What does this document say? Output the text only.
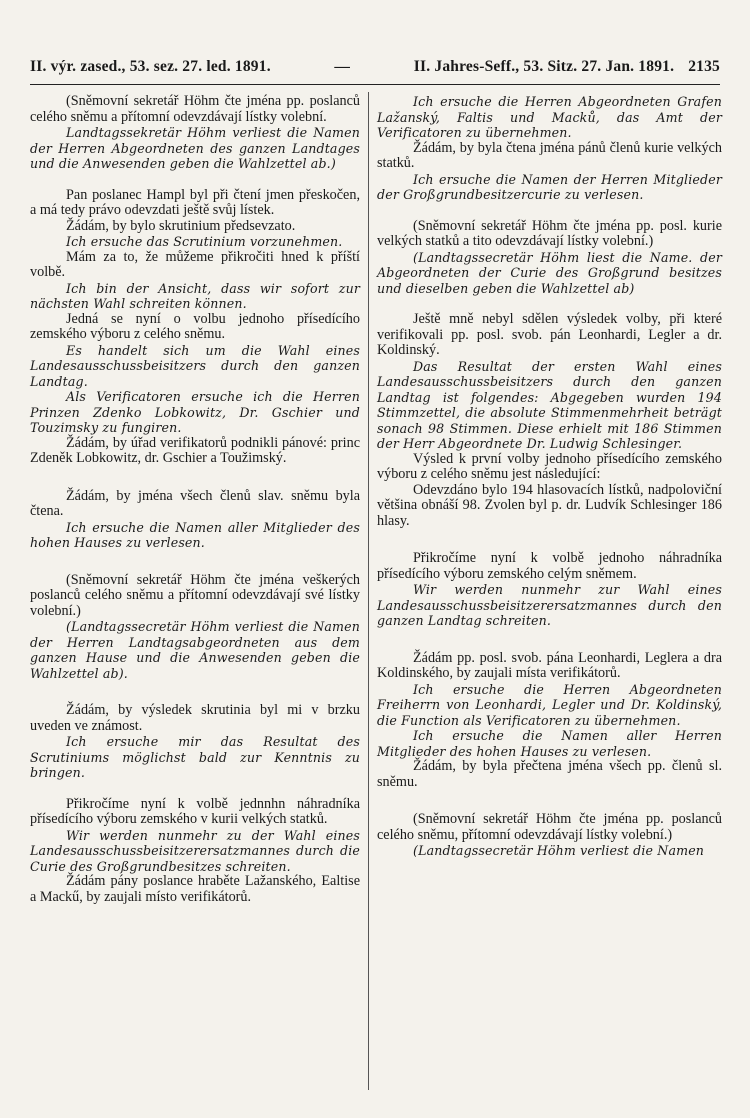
II. výr. zased., 53. sez. 27. led. 1891.	—	II. Jahres-Seff., 53. Sitz. 27. Jan. 1891. 2135

(Sněmovní sekretář Höhm čte jména pp. poslanců celého sněmu a přítomní odevzdávají lístky volební.

Landtagssekretär Höhm verliest die Namen der Herren Abgeordneten des ganzen Landtages und die Anwesenden geben die Wahlzettel ab.)

Pan poslanec Hampl byl při čtení jmen přeskočen, a má tedy právo odevzdati ještě svůj lístek.

Žádám, by bylo skrutinium předsevzato.

Ich ersuche das Scrutinium vorzunehmen.

Mám za to, že můžeme přikročiti hned k příští volbě.

Ich bin der Ansicht, dass wir sofort zur nächsten Wahl schreiten können.

Jedná se nyní o volbu jednoho přísedícího zemského výboru z celého sněmu.

Es handelt sich um die Wahl eines Landesausschussbeisitzers durch den ganzen Landtag.

Als Verificatoren ersuche ich die Herren Prinzen Zdenko Lobkowitz, Dr. Gschier und Touzimsky zu fungiren.

Žádám, by úřad verifikatorů podnikli pánové: princ Zdeněk Lobkowitz, dr. Gschier a Toužimský.

Žádám, by jména všech členů slav. sněmu byla čtena.

Ich ersuche die Namen aller Mitglieder des hohen Hauses zu verlesen.

(Sněmovní sekretář Höhm čte jména veškerých poslanců celého sněmu a přítomní odevzdávají své lístky volební.)

(Landtagssecretär Höhm verliest die Namen der Herren Landtagsabgeordneten aus dem ganzen Hause und die Anwesenden geben die Wahlzettel ab).

Žádám, by výsledek skrutinia byl mi v brzku uveden ve známost.

Ich ersuche mir das Resultat des Scrutiniums möglichst bald zur Kenntnis zu bringen.

Přikročíme nyní k volbě jednnhn náhradníka přísedícího výboru zemského v kurii velkých statků.

Wir werden nunmehr zu der Wahl eines Landesausschussbeisitzerersatzmannes durch die Curie des Großgrundbesitzes schreiten.

Žádám pány poslance hraběte Lažanského, Ealtise a Mackű, by zaujali místo verifikátorů.

Ich ersuche die Herren Abgeordneten Grafen Lažanský, Faltis und Macků, das Amt der Verificatoren zu übernehmen.

Žádám, by byla čtena jména pánů členů kurie velkých statků.

Ich ersuche die Namen der Herren Mitglieder der Großgrundbesitzercurie zu verlesen.

(Sněmovní sekretář Höhm čte jména pp. posl. kurie velkých statků a tito odevzdávají lístky volební.)

(Landtagssecretär Höhm liest die Name. der Abgeordneten der Curie des Großgrund besitzes und dieselben geben die Wahlzettel ab)

Ještě mně nebyl sdělen výsledek volby, při které verifikovali pp. posl. svob. pán Leonhardi, Legler a dr. Koldinský.

Das Resultat der ersten Wahl eines Landesausschussbeisitzers durch den ganzen Landtag ist folgendes: Abgegeben wurden 194 Stimmzettel, die absolute Stimmenmehrheit beträgt sonach 98 Stimmen. Diese erhielt mit 186 Stimmen der Herr Abgeordnete Dr. Ludwig Schlesinger.

Výsled k první volby jednoho přísedícího zemského výboru z celého sněmu jest následující:

Odevzdáno bylo 194 hlasovacích lístků, nadpoloviční většina obnáší 98. Zvolen byl p. dr. Ludvík Schlesinger 186 hlasy.

Přikročíme nyní k volbě jednoho náhradníka přísedícího výboru zemského celým sněmem.

Wir werden nunmehr zur Wahl eines Landesausschussbeisitzerersatzmannes durch den ganzen Landtag schreiten.

Žádám pp. posl. svob. pána Leonhardi, Leglera a dra Koldinského, by zaujali místa verifikátorů.

Ich ersuche die Herren Abgeordneten Freiherrn von Leonhardi, Legler und Dr. Koldinský, die Function als Verificatoren zu übernehmen.

Ich ersuche die Namen aller Herren Mitglieder des hohen Hauses zu verlesen.

Žádám, by byla přečtena jména všech pp. členů sl. sněmu.

(Sněmovní sekretář Höhm čte jména pp. poslanců celého sněmu, přítomní odevzdávají lístky volební.)

(Landtagssecretär Höhm verliest die Namen
